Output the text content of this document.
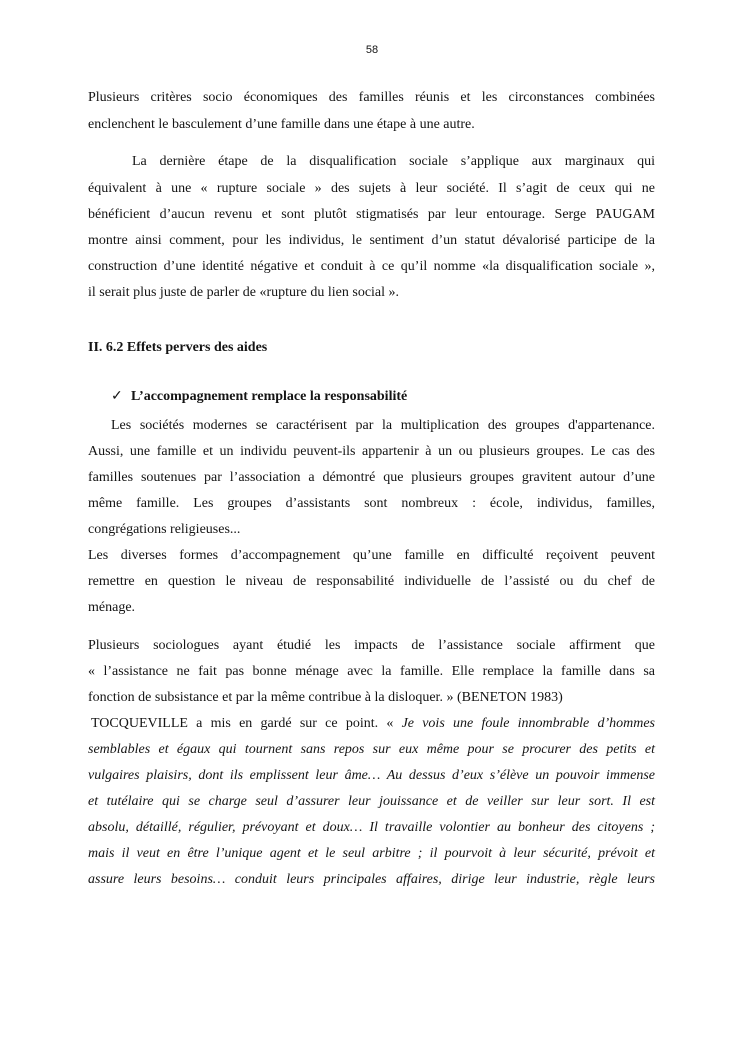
58
Plusieurs critères socio économiques des familles réunis et les circonstances combinées
enclenchent le basculement d’une famille dans une étape à une autre.
La dernière étape de la disqualification sociale s’applique aux marginaux qui
équivalent à une « rupture sociale » des sujets à leur société. Il s’agit de ceux qui ne
bénéficient d’aucun revenu et sont plutôt stigmatisés par leur entourage. Serge PAUGAM
montre ainsi comment, pour les individus, le sentiment d’un statut dévalorisé participe de la
construction d’une identité négative et conduit à ce qu’il nomme «la disqualification sociale »,
il serait plus juste de parler de «rupture du lien social ».
II. 6.2 Effets pervers des aides
✓ L’accompagnement remplace la responsabilité
Les sociétés modernes se caractérisent par la multiplication des groupes d'appartenance.
Aussi, une famille et un individu peuvent-ils appartenir à un ou plusieurs groupes. Le cas des
familles soutenues par l’association a démontré que plusieurs groupes gravitent autour d’une
même famille. Les groupes d’assistants sont nombreux : école, individus, familles,
congrégations religieuses...
Les diverses formes d’accompagnement qu’une famille en difficulté reçoivent peuvent
remettre en question le niveau de responsabilité individuelle de l’assisté ou du chef de
ménage.
Plusieurs sociologues ayant étudié les impacts de l’assistance sociale affirment que
« l’assistance ne fait pas bonne ménage avec la famille. Elle remplace la famille dans sa
fonction de subsistance et par la même contribue à la disloquer. » (BENETON 1983)
TOCQUEVILLE a mis en gardé sur ce point. « Je vois une foule innombrable d’hommes
semblables et égaux qui tournent sans repos sur eux même pour se procurer des petits et
vulgaires plaisirs, dont ils emplissent leur âme… Au dessus d’eux s’élève un pouvoir immense
et tutélaire qui se charge seul d’assurer leur jouissance et de veiller sur leur sort. Il est
absolu, détaillé, régulier, prévoyant et doux… Il travaille volontier au bonheur des citoyens ;
mais il veut en être l’unique agent et le seul arbitre ; il pourvoit à leur sécurité, prévoit et
assure leurs besoins… conduit leurs principales affaires, dirige leur industrie, règle leurs
